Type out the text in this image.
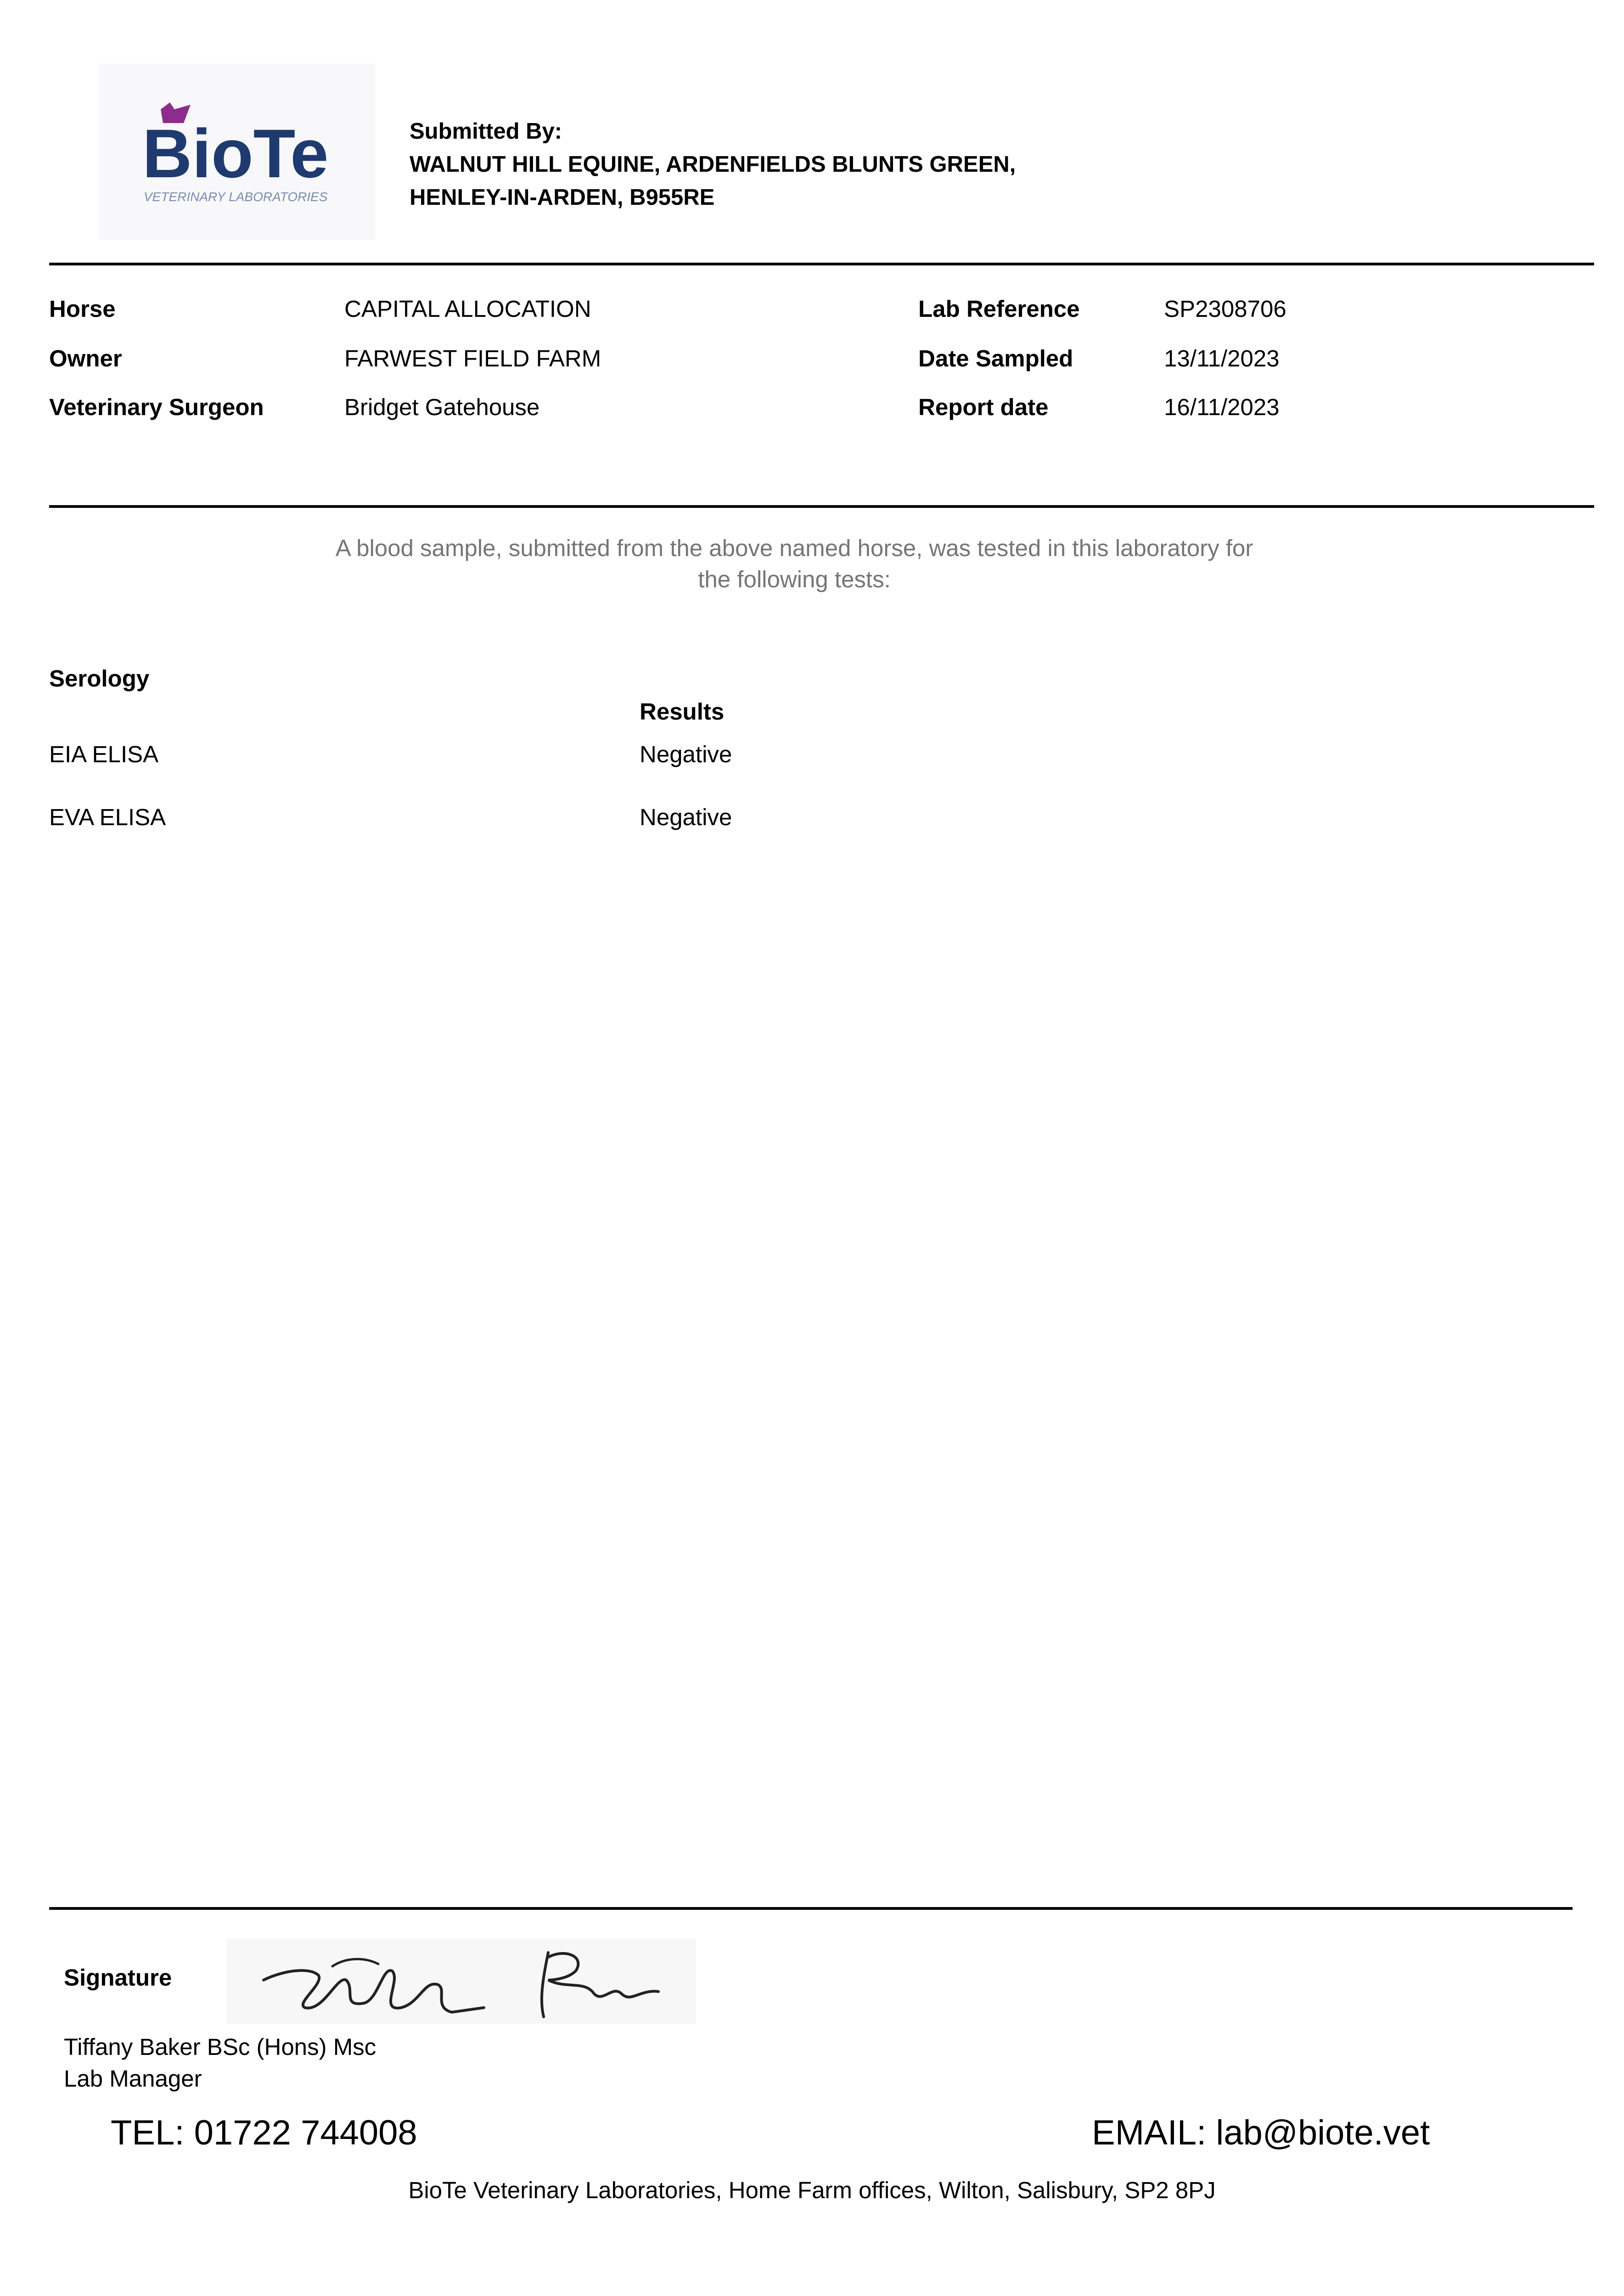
BioTe
VETERINARY LABORATORIES
Submitted By:
WALNUT HILL EQUINE, ARDENFIELDS BLUNTS GREEN,
HENLEY-IN-ARDEN, B955RE
Horse	CAPITAL ALLOCATION
Owner	FARWEST FIELD FARM
Veterinary Surgeon	Bridget Gatehouse
Lab Reference	SP2308706
Date Sampled	13/11/2023
Report date	16/11/2023
A blood sample, submitted from the above named horse, was tested in this laboratory for
the following tests:
Serology
Results
EIA ELISA	Negative
EVA ELISA	Negative
Signature
Tiffany Baker BSc (Hons) Msc
Lab Manager
TEL: 01722 744008	EMAIL: lab@biote.vet
BioTe Veterinary Laboratories, Home Farm offices, Wilton, Salisbury, SP2 8PJ
